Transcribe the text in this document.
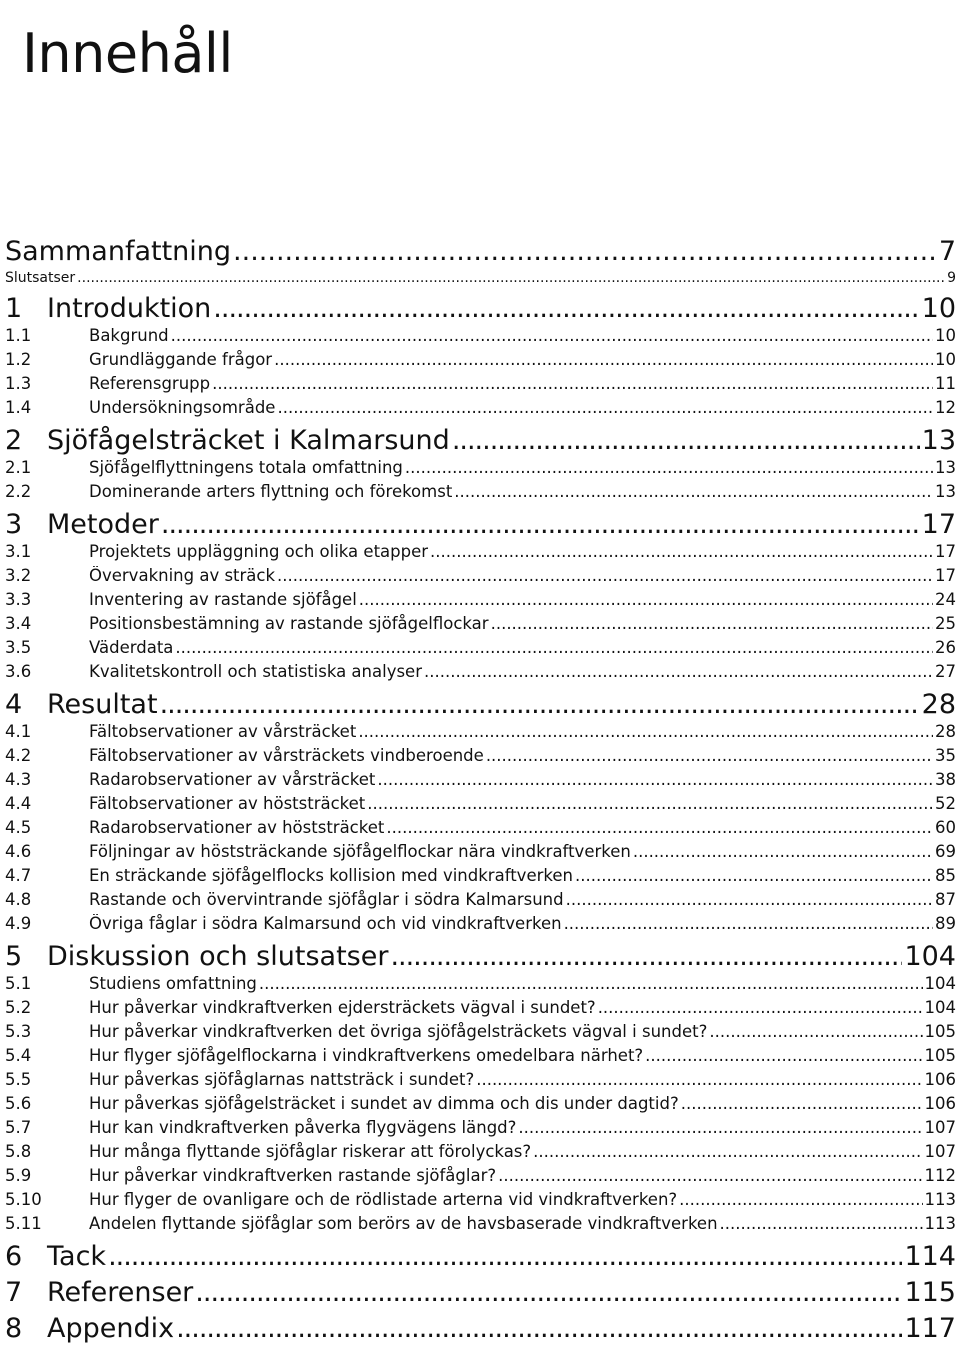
Innehåll
Sammanfattning .....	7
Slutsatser .....	9
1 Introduktion .....	10
1.1	Bakgrund .....	10
1.2	Grundläggande frågor .....	10
1.3	Referensgrupp .....	11
1.4	Undersökningsområde .....	12
2 Sjöfågelsträcket i Kalmarsund .....	13
2.1	Sjöfågelflyttningens totala omfattning .....	13
2.2	Dominerande arters flyttning och förekomst .....	13
3 Metoder .....	17
3.1	Projektets uppläggning och olika etapper .....	17
3.2	Övervakning av sträck .....	17
3.3	Inventering av rastande sjöfågel .....	24
3.4	Positionsbestämning av rastande sjöfågelflockar .....	25
3.5	Väderdata .....	26
3.6	Kvalitetskontroll och statistiska analyser .....	27
4 Resultat .....	28
4.1	Fältobservationer av vårsträcket .....	28
4.2	Fältobservationer av vårsträckets vindberoende .....	35
4.3	Radarobservationer av vårsträcket .....	38
4.4	Fältobservationer av höststräcket .....	52
4.5	Radarobservationer av höststräcket .....	60
4.6	Följningar av höststräckande sjöfågelflockar nära vindkraftverken .....	69
4.7	En sträckande sjöfågelflocks kollision med vindkraftverken .....	85
4.8	Rastande och övervintrande sjöfåglar i södra Kalmarsund .....	87
4.9	Övriga fåglar i södra Kalmarsund och vid vindkraftverken .....	89
5 Diskussion och slutsatser .....	104
5.1	Studiens omfattning .....	104
5.2	Hur påverkar vindkraftverken ejdersträckets vägval i sundet? .....	104
5.3	Hur påverkar vindkraftverken det övriga sjöfågelsträckets vägval i sundet? .....	105
5.4	Hur flyger sjöfågelflockarna i vindkraftverkens omedelbara närhet? .....	105
5.5	Hur påverkas sjöfåglarnas nattsträck i sundet? .....	106
5.6	Hur påverkas sjöfågelsträcket i sundet av dimma och dis under dagtid? .....	106
5.7	Hur kan vindkraftverken påverka flygvägens längd? .....	107
5.8	Hur många flyttande sjöfåglar riskerar att förolyckas? .....	107
5.9	Hur påverkar vindkraftverken rastande sjöfåglar? .....	112
5.10	Hur flyger de ovanligare och de rödlistade arterna vid vindkraftverken? .....	113
5.11	Andelen flyttande sjöfåglar som berörs av de havsbaserade vindkraftverken .....	113
6 Tack .....	114
7 Referenser .....	115
8 Appendix .....	117
